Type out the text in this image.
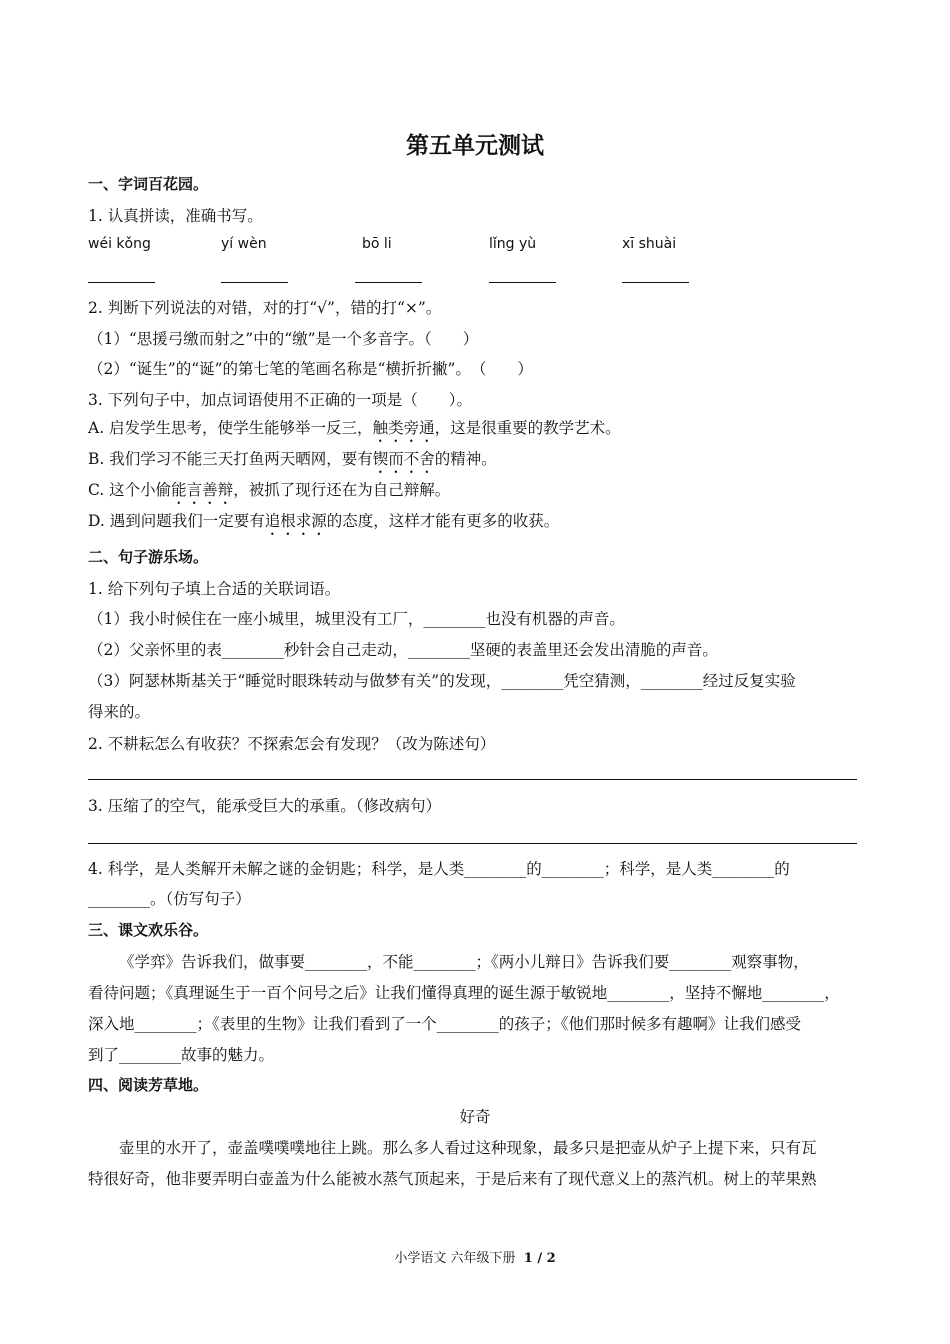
第五单元测试
一、字词百花园。
1. 认真拼读，准确书写。
wéi kǒng	yí wèn	bō li	lǐng yù	xī shuài
2. 判断下列说法的对错，对的打“√”，错的打“×”。
（1）“思援弓缴而射之”中的“缴”是一个多音字。（　　）
（2）“诞生”的“诞”的第七笔的笔画名称是“横折折撇”。　（　　）
3. 下列句子中，加点词语使用不正确的一项是（　　）。
A. 启发学生思考，使学生能够举一反三，触类旁通，这是很重要的教学艺术。
B. 我们学习不能三天打鱼两天晒网，要有锲而不舍的精神。
C. 这个小偷能言善辩，被抓了现行还在为自己辩解。
D. 遇到问题我们一定要有追根求源的态度，这样才能有更多的收获。
二、句子游乐场。
1. 给下列句子填上合适的关联词语。
（1）我小时候住在一座小城里，城里没有工厂，________也没有机器的声音。
（2）父亲怀里的表________秒针会自己走动，________坚硬的表盖里还会发出清脆的声音。
（3）阿瑟林斯基关于“睡觉时眼珠转动与做梦有关”的发现，________凭空猜测，________经过反复实验
得来的。
2. 不耕耘怎么有收获？不探索怎会有发现？（改为陈述句）
3. 压缩了的空气，能承受巨大的承重。（修改病句）
4. 科学，是人类解开未解之谜的金钥匙；科学，是人类________的________；科学，是人类________的
________。（仿写句子）
三、课文欢乐谷。
《学弈》告诉我们，做事要________，不能________；《两小儿辩日》告诉我们要________观察事物，
看待问题；《真理诞生于一百个问号之后》让我们懂得真理的诞生源于敏锐地________，坚持不懈地________，
深入地________；《表里的生物》让我们看到了一个________的孩子；《他们那时候多有趣啊》让我们感受
到了________故事的魅力。
四、阅读芳草地。
好奇
壶里的水开了，壶盖噗噗噗地往上跳。那么多人看过这种现象，最多只是把壶从炉子上提下来，只有瓦
特很好奇，他非要弄明白壶盖为什么能被水蒸气顶起来，于是后来有了现代意义上的蒸汽机。树上的苹果熟
小学语文 六年级下册 1 / 2
